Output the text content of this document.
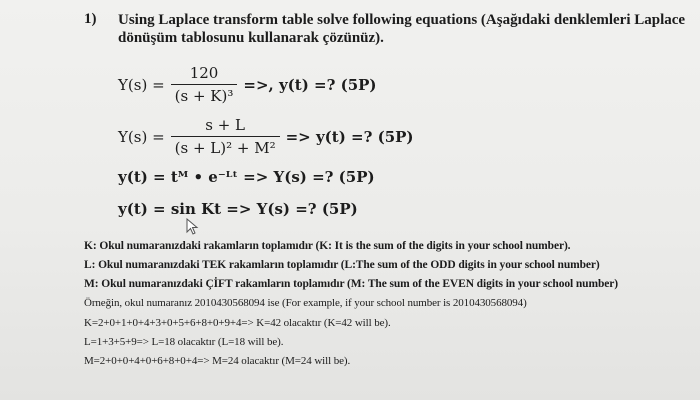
1) Using Laplace transform table solve following equations (Aşağıdaki denklemleri Laplace
dönüşüm tablosunu kullanarak çözünüz).
$Y(s) = \frac{120}{\text{(s + K)³}}$ =>, y(t) =? (5P)
$Y(s) = \frac{s + L}{\text{(s + L)² + M²}} => y(t)$ =? (5P)
y(t) = tᴹ • e⁻ᴸᵗ => Y(s) =? (5P)
y(t) = sin Kt => Y(s) =? (5P)
K: Okul numaranızdaki rakamların toplamıdır (K: It is the sum of the digits in your school number).
L: Okul numaranızdaki TEK rakamların toplamıdır (L:The sum of the ODD digits in your school number)
M: Okul numaranızdaki ÇİFT rakamların toplamıdır (M: The sum of the EVEN digits in your school number)
Örneğin, okul numaranız 2010430568094 ise (For example, if your school number is 2010430568094)
K=2+0+1+0+4+3+0+5+6+8+0+9+4=> K=42 olacaktır (K=42 will be).
L=1+3+5+9=> L=18 olacaktır (L=18 will be).
M=2+0+0+4+0+6+8+0+4=> M=24 olacaktır (M=24 will be).
